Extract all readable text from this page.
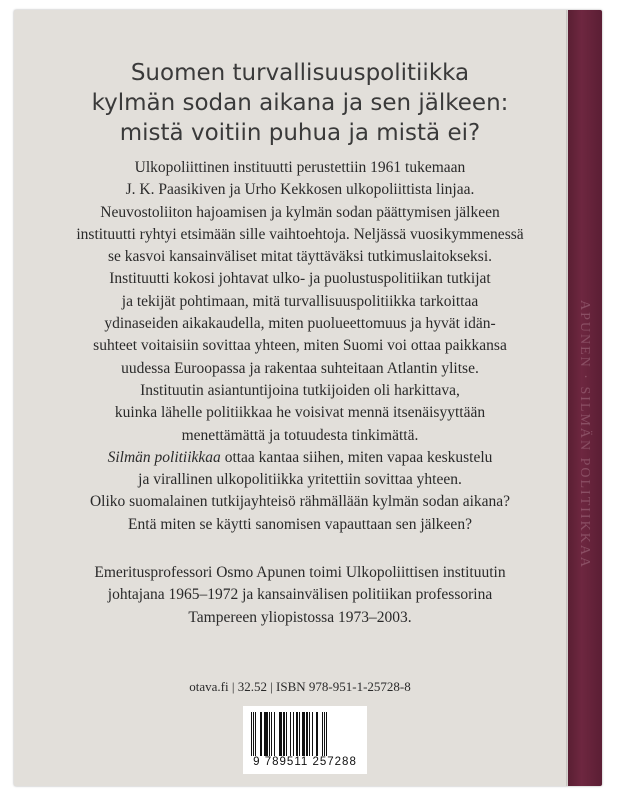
APUNEN · SILMÄN POLITIIKKAA
Suomen turvallisuuspolitiikka
kylmän sodan aikana ja sen jälkeen:
mistä voitiin puhua ja mistä ei?
Ulkopoliittinen instituutti perustettiin 1961 tukemaan
J. K. Paasikiven ja Urho Kekkosen ulkopoliittista linjaa.
Neuvostoliiton hajoamisen ja kylmän sodan päättymisen jälkeen
instituutti ryhtyi etsimään sille vaihtoehtoja. Neljässä vuosikymmenessä
se kasvoi kansainväliset mitat täyttäväksi tutkimuslaitokseksi.
Instituutti kokosi johtavat ulko- ja puolustuspolitiikan tutkijat
ja tekijät pohtimaan, mitä turvallisuuspolitiikka tarkoittaa
ydinaseiden aikakaudella, miten puolueettomuus ja hyvät idän-
suhteet voitaisiin sovittaa yhteen, miten Suomi voi ottaa paikkansa
uudessa Euroopassa ja rakentaa suhteitaan Atlantin ylitse.
Instituutin asiantuntijoina tutkijoiden oli harkittava,
kuinka lähelle politiikkaa he voisivat mennä itsenäisyyttään
menettämättä ja totuudesta tinkimättä.
Silmän politiikkaa ottaa kantaa siihen, miten vapaa keskustelu
ja virallinen ulkopolitiikka yritettiin sovittaa yhteen.
Oliko suomalainen tutkijayhteisö rähmällään kylmän sodan aikana?
Entä miten se käytti sanomisen vapauttaan sen jälkeen?
Emeritusprofessori Osmo Apunen toimi Ulkopoliittisen instituutin
johtajana 1965–1972 ja kansainvälisen politiikan professorina
Tampereen yliopistossa 1973–2003.
otava.fi | 32.52 | ISBN 978-951-1-25728-8
9 789511 257288
